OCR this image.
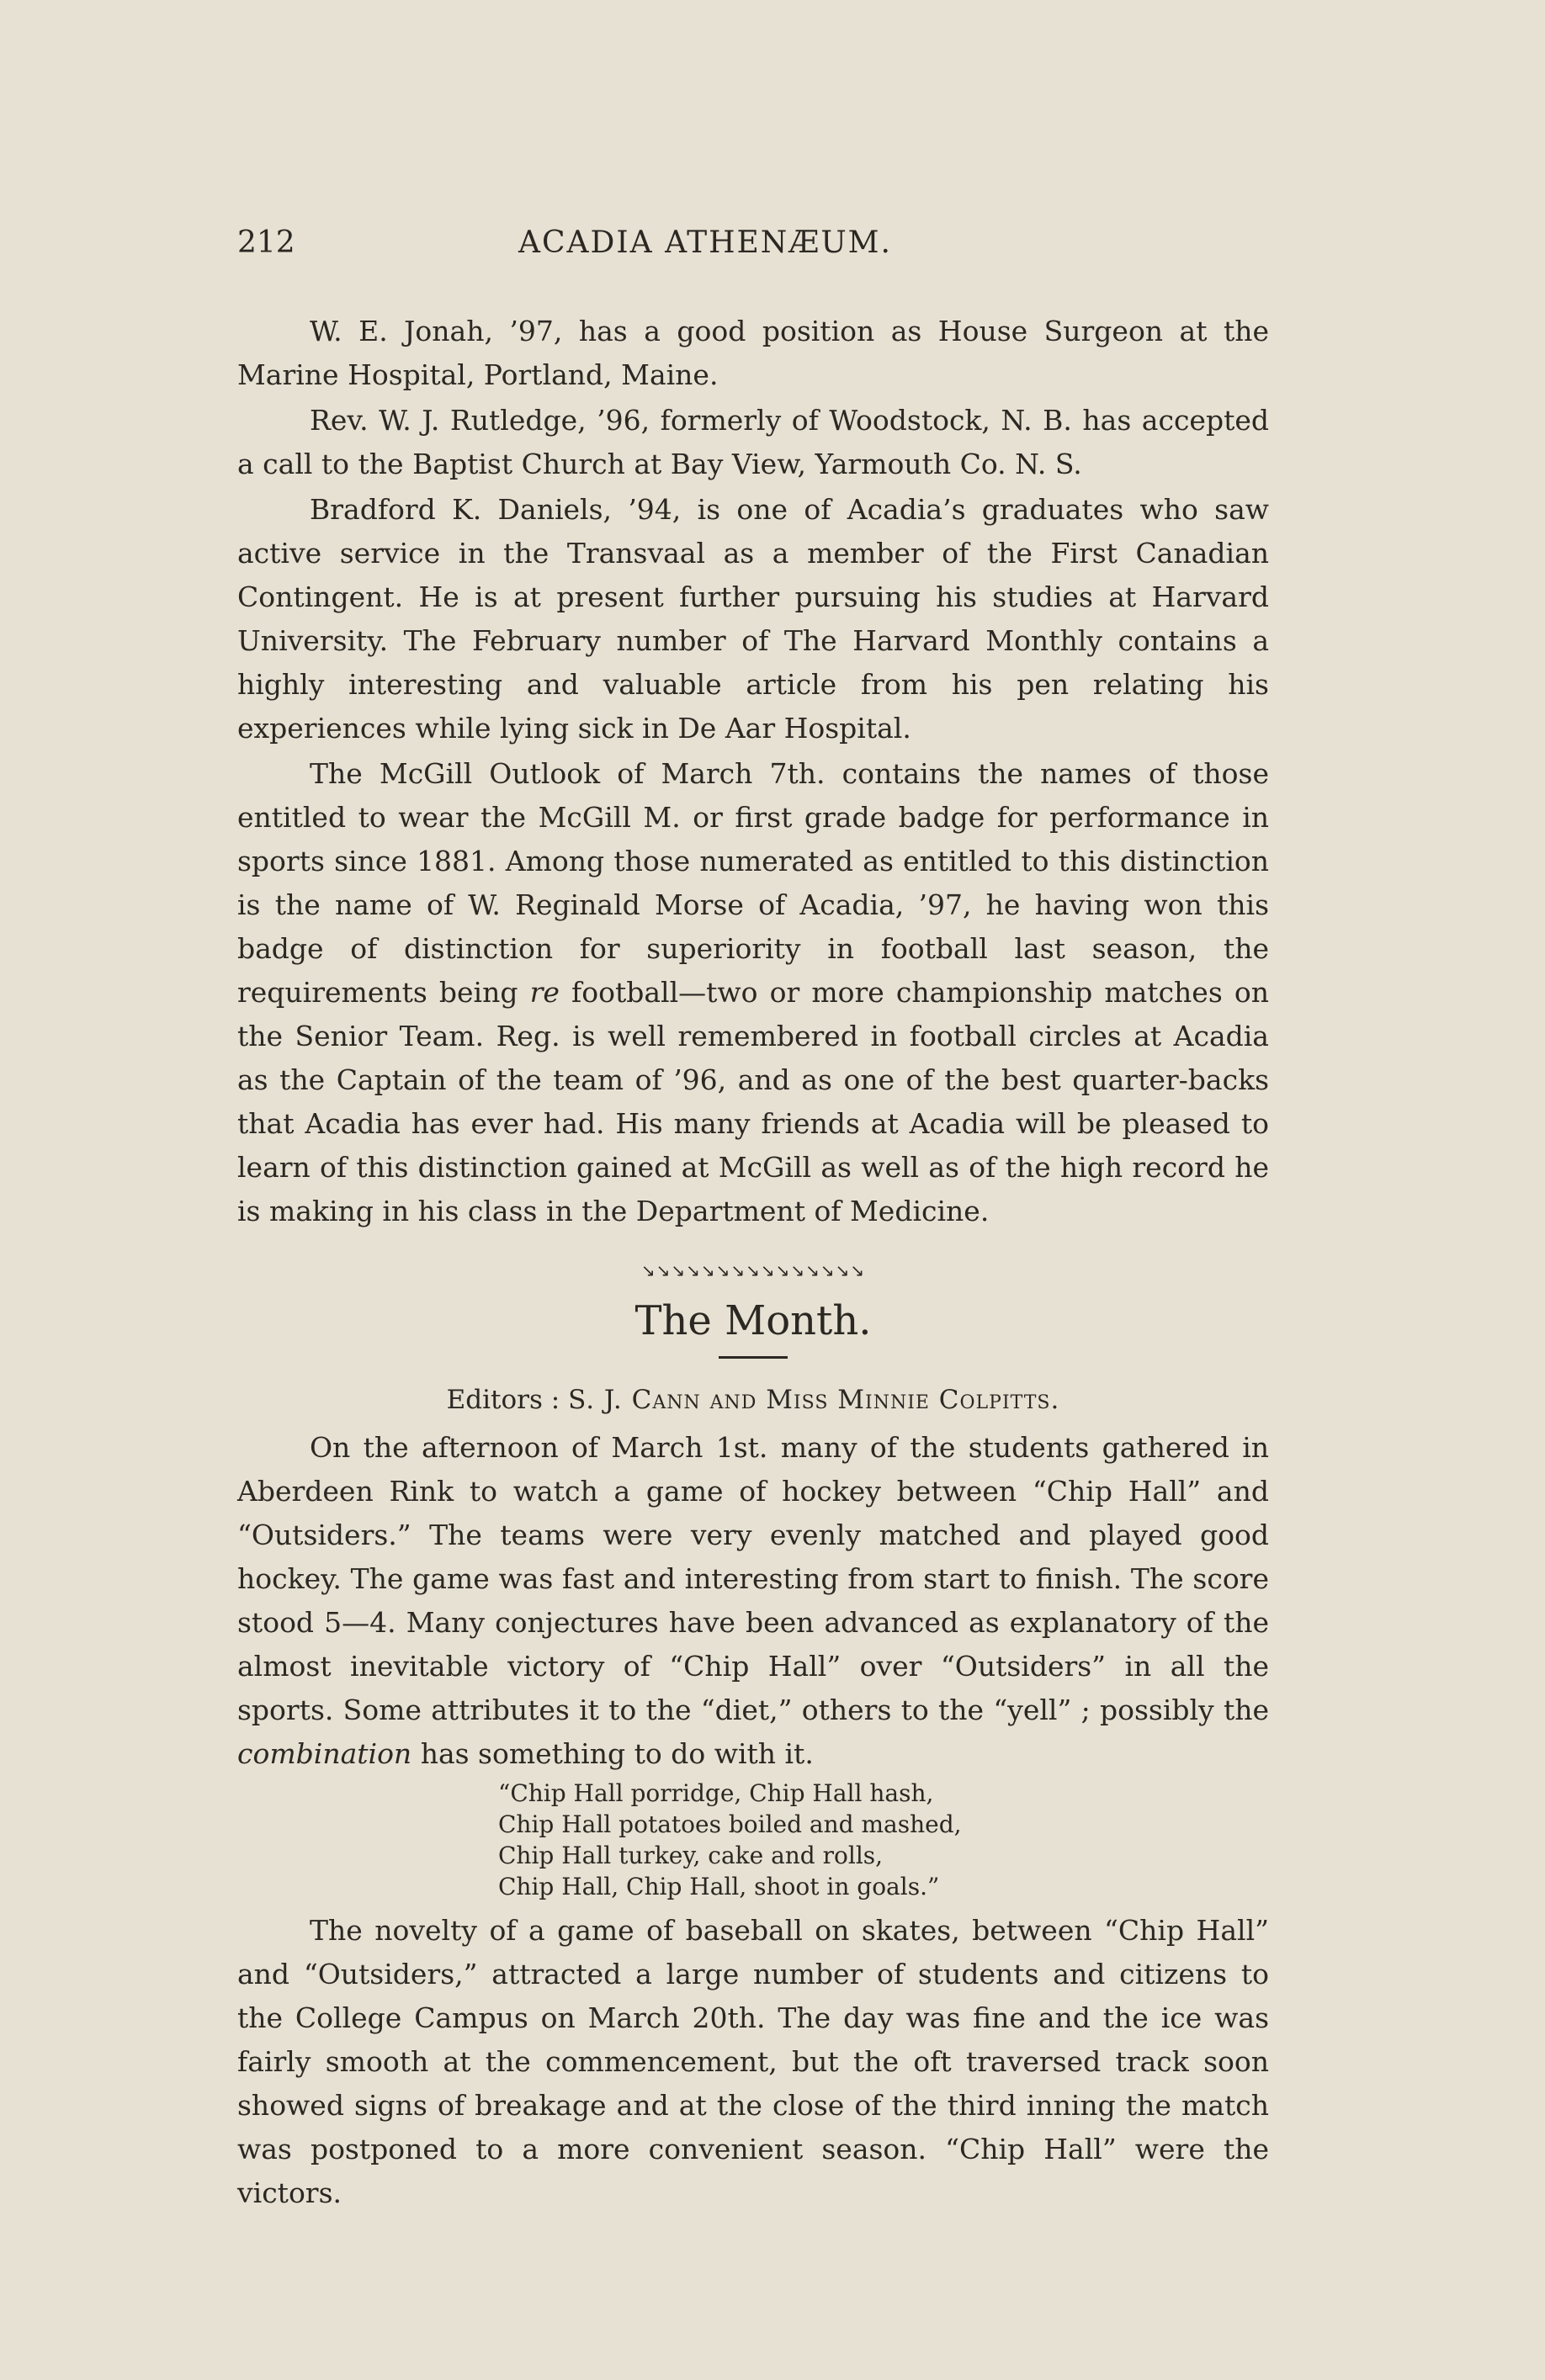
212	ACADIA ATHENÆUM.

W. E. Jonah, ’97, has a good position as House Surgeon at the Marine Hospital, Portland, Maine.

Rev. W. J. Rutledge, ’96, formerly of Woodstock, N. B. has accepted a call to the Baptist Church at Bay View, Yarmouth Co. N. S.

Bradford K. Daniels, ’94, is one of Acadia’s graduates who saw active service in the Transvaal as a member of the First Canadian Contingent. He is at present further pursuing his studies at Harvard University. The February number of The Harvard Monthly contains a highly interesting and valuable article from his pen relating his experiences while lying sick in De Aar Hospital.

The McGill Outlook of March 7th. contains the names of those entitled to wear the McGill M. or first grade badge for performance in sports since 1881. Among those numerated as entitled to this distinction is the name of W. Reginald Morse of Acadia, ’97, he having won this badge of distinction for superiority in football last season, the requirements being re football—two or more championship matches on the Senior Team. Reg. is well remembered in football circles at Acadia as the Captain of the team of ’96, and as one of the best quarter-backs that Acadia has ever had. His many friends at Acadia will be pleased to learn of this distinction gained at McGill as well as of the high record he is making in his class in the Department of Medicine.

↘↘↘↘↘↘↘↘↘↘↘↘↘↘↘
The Month.
Editors : S. J. Cann and Miss Minnie Colpitts.

On the afternoon of March 1st. many of the students gathered in Aberdeen Rink to watch a game of hockey between “Chip Hall” and “Outsiders.” The teams were very evenly matched and played good hockey. The game was fast and interesting from start to finish. The score stood 5—4. Many conjectures have been advanced as explanatory of the almost inevitable victory of “Chip Hall” over “Outsiders” in all the sports. Some attributes it to the “diet,” others to the “yell” ; possibly the combination has something to do with it.

“Chip Hall porridge, Chip Hall hash,
Chip Hall potatoes boiled and mashed,
Chip Hall turkey, cake and rolls,
Chip Hall, Chip Hall, shoot in goals.”

The novelty of a game of baseball on skates, between “Chip Hall” and “Outsiders,” attracted a large number of students and citizens to the College Campus on March 20th. The day was fine and the ice was fairly smooth at the commencement, but the oft traversed track soon showed signs of breakage and at the close of the third inning the match was postponed to a more convenient season. “Chip Hall” were the victors.
